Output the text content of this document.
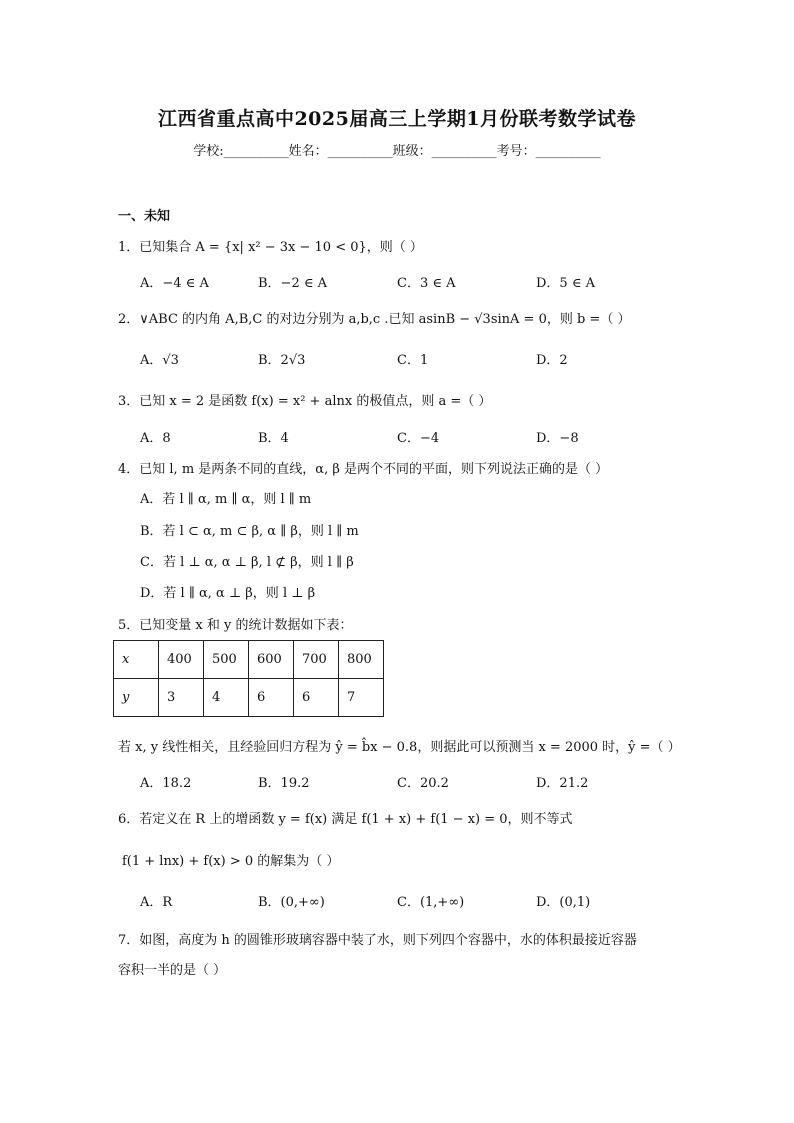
江西省重点高中2025届高三上学期1月份联考数学试卷
学校:__________姓名：__________班级：__________考号：__________
一、未知
1．已知集合 A = {x| x² − 3x − 10 < 0}，则（ ）
A．−4 ∈ A	B．−2 ∈ A	C．3 ∈ A	D．5 ∈ A
2．∨ABC 的内角 A,B,C 的对边分别为 a,b,c .已知 asinB − √3sinA = 0，则 b =（ ）
A．√3	B．2√3	C．1	D．2
3．已知 x = 2 是函数 f(x) = x² + alnx 的极值点，则 a =（ ）
A．8	B．4	C．−4	D．−8
4．已知 l, m 是两条不同的直线，α, β 是两个不同的平面，则下列说法正确的是（ ）
A．若 l ∥ α, m ∥ α，则 l ∥ m
B．若 l ⊂ α, m ⊂ β, α ∥ β，则 l ∥ m
C．若 l ⊥ α, α ⊥ β, l ⊄ β，则 l ∥ β
D．若 l ∥ α, α ⊥ β，则 l ⊥ β
5．已知变量 x 和 y 的统计数据如下表：
x	400	500	600	700	800
y	3	4	6	6	7
若 x, y 线性相关，且经验回归方程为 ŷ = b̂x − 0.8，则据此可以预测当 x = 2000 时，ŷ =（ ）
A．18.2	B．19.2	C．20.2	D．21.2
6．若定义在 R 上的增函数 y = f(x) 满足 f(1 + x) + f(1 − x) = 0，则不等式
f(1 + lnx) + f(x) > 0 的解集为（ ）
A．R	B．(0,+∞)	C．(1,+∞)	D．(0,1)
7．如图，高度为 h 的圆锥形玻璃容器中装了水，则下列四个容器中，水的体积最接近容器
容积一半的是（ ）
